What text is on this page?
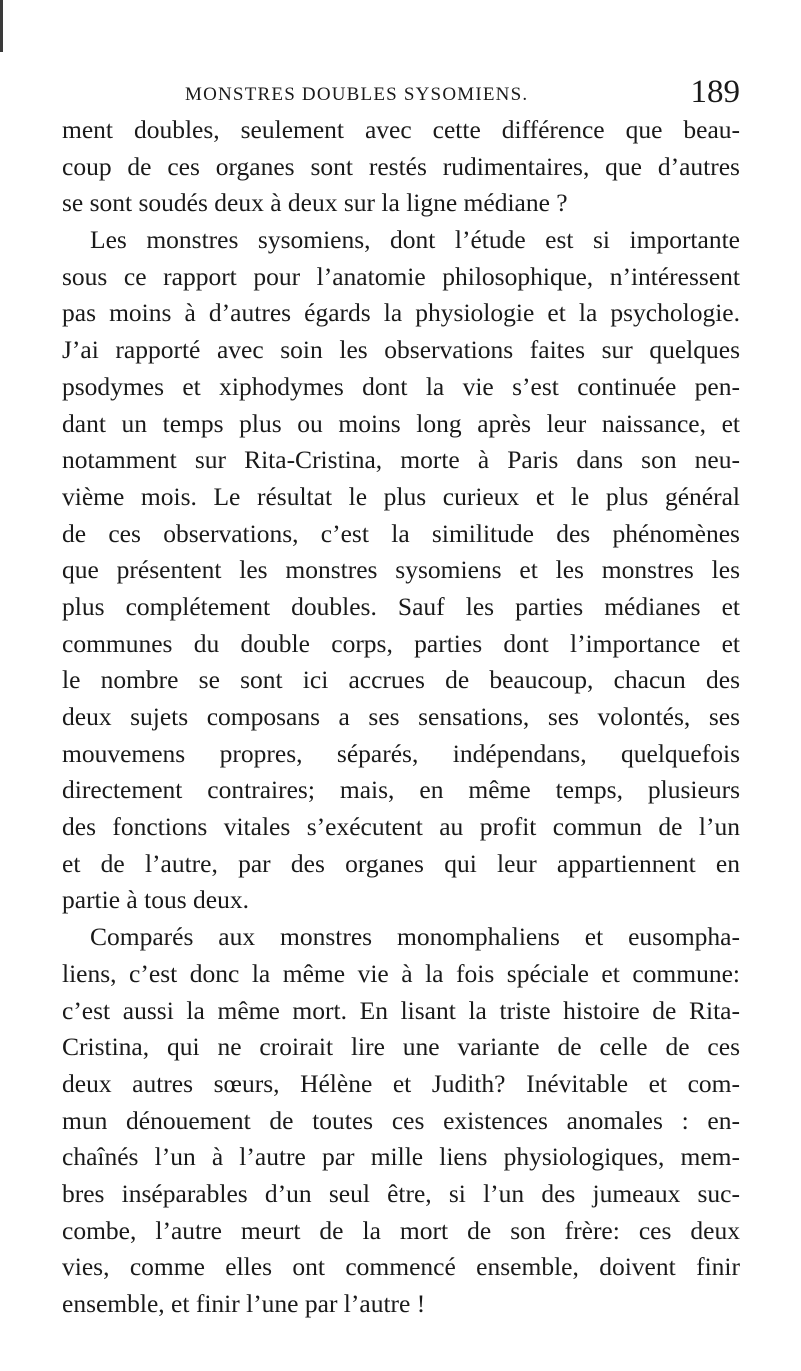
MONSTRES DOUBLES SYSOMIENS.	189
ment doubles, seulement avec cette différence que beau-
coup de ces organes sont restés rudimentaires, que d’autres
se sont soudés deux à deux sur la ligne médiane ?
Les monstres sysomiens, dont l’étude est si importante
sous ce rapport pour l’anatomie philosophique, n’intéressent
pas moins à d’autres égards la physiologie et la psychologie.
J’ai rapporté avec soin les observations faites sur quelques
psodymes et xiphodymes dont la vie s’est continuée pen-
dant un temps plus ou moins long après leur naissance, et
notamment sur Rita-Cristina, morte à Paris dans son neu-
vième mois. Le résultat le plus curieux et le plus général
de ces observations, c’est la similitude des phénomènes
que présentent les monstres sysomiens et les monstres les
plus complétement doubles. Sauf les parties médianes et
communes du double corps, parties dont l’importance et
le nombre se sont ici accrues de beaucoup, chacun des
deux sujets composans a ses sensations, ses volontés, ses
mouvemens propres, séparés, indépendans, quelquefois
directement contraires; mais, en même temps, plusieurs
des fonctions vitales s’exécutent au profit commun de l’un
et de l’autre, par des organes qui leur appartiennent en
partie à tous deux.
Comparés aux monstres monomphaliens et eusompha-
liens, c’est donc la même vie à la fois spéciale et commune:
c’est aussi la même mort. En lisant la triste histoire de Rita-
Cristina, qui ne croirait lire une variante de celle de ces
deux autres sœurs, Hélène et Judith? Inévitable et com-
mun dénouement de toutes ces existences anomales : en-
chaînés l’un à l’autre par mille liens physiologiques, mem-
bres inséparables d’un seul être, si l’un des jumeaux suc-
combe, l’autre meurt de la mort de son frère: ces deux
vies, comme elles ont commencé ensemble, doivent finir
ensemble, et finir l’une par l’autre !
